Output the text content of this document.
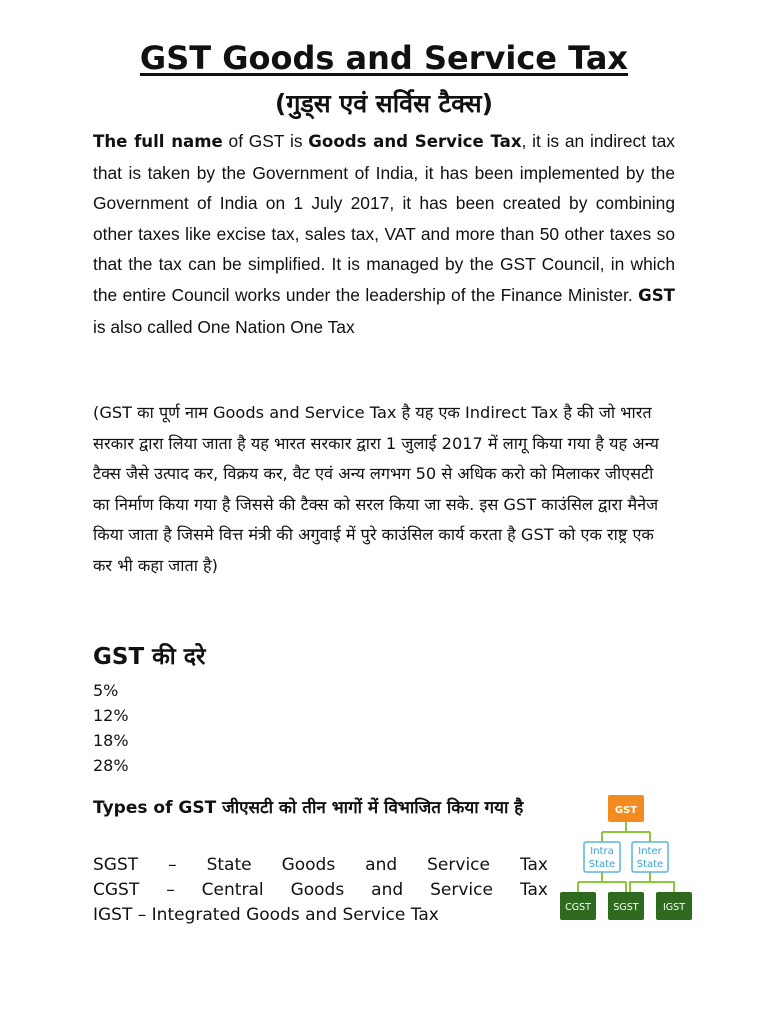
GST Goods and Service Tax
(गुड्स एवं सर्विस टैक्स)

The full name of GST is Goods and Service Tax, it is an indirect tax that is taken by the Government of India, it has been implemented by the Government of India on 1 July 2017, it has been created by combining other taxes like excise tax, sales tax, VAT and more than 50 other taxes so that the tax can be simplified. It is managed by the GST Council, in which the entire Council works under the leadership of the Finance Minister. GST is also called One Nation One Tax

(GST का पूर्ण नाम Goods and Service Tax है यह एक Indirect Tax है की जो भारत सरकार द्वारा लिया जाता है यह भारत सरकार द्वारा 1 जुलाई 2017 में लागू किया गया है यह अन्य टैक्स जैसे उत्पाद कर, विक्रय कर, वैट एवं अन्य लगभग 50 से अधिक करो को मिलाकर जीएसटी का निर्माण किया गया है जिससे की टैक्स को सरल किया जा सके. इस GST काउंसिल द्वारा मैनेज किया जाता है जिसमे वित्त मंत्री की अगुवाई में पुरे काउंसिल कार्य करता है GST को एक राष्ट्र एक कर भी कहा जाता है)

GST की दरे
5%
12%
18%
28%
Types of GST जीएसटी को तीन भागों में विभाजित किया गया है
SGST – State Goods and Service Tax
CGST – Central Goods and Service Tax
IGST – Integrated Goods and Service Tax
GST
Intra
State
Inter
State
CGST SGST	IGST
